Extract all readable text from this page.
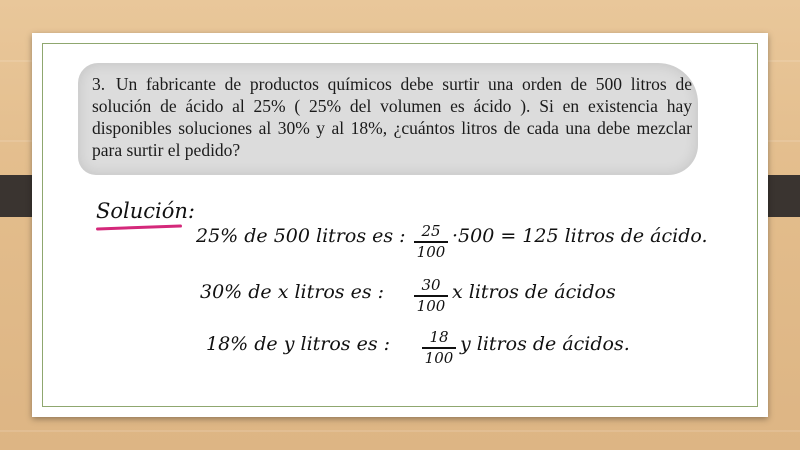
3. Un fabricante de productos químicos debe surtir una orden de 500 litros de solución de ácido al 25% ( 25% del volumen es ácido ). Si en existencia hay disponibles soluciones al 30% y al 18%, ¿cuántos litros de cada una debe mezclar para surtir el pedido?

Solución:
25% de 500 litros es :	25
100
·500 = 125 litros de ácido.
30% de x litros es :	30
100
x litros de ácidos
18% de y litros es :	18
100
y litros de ácidos.
